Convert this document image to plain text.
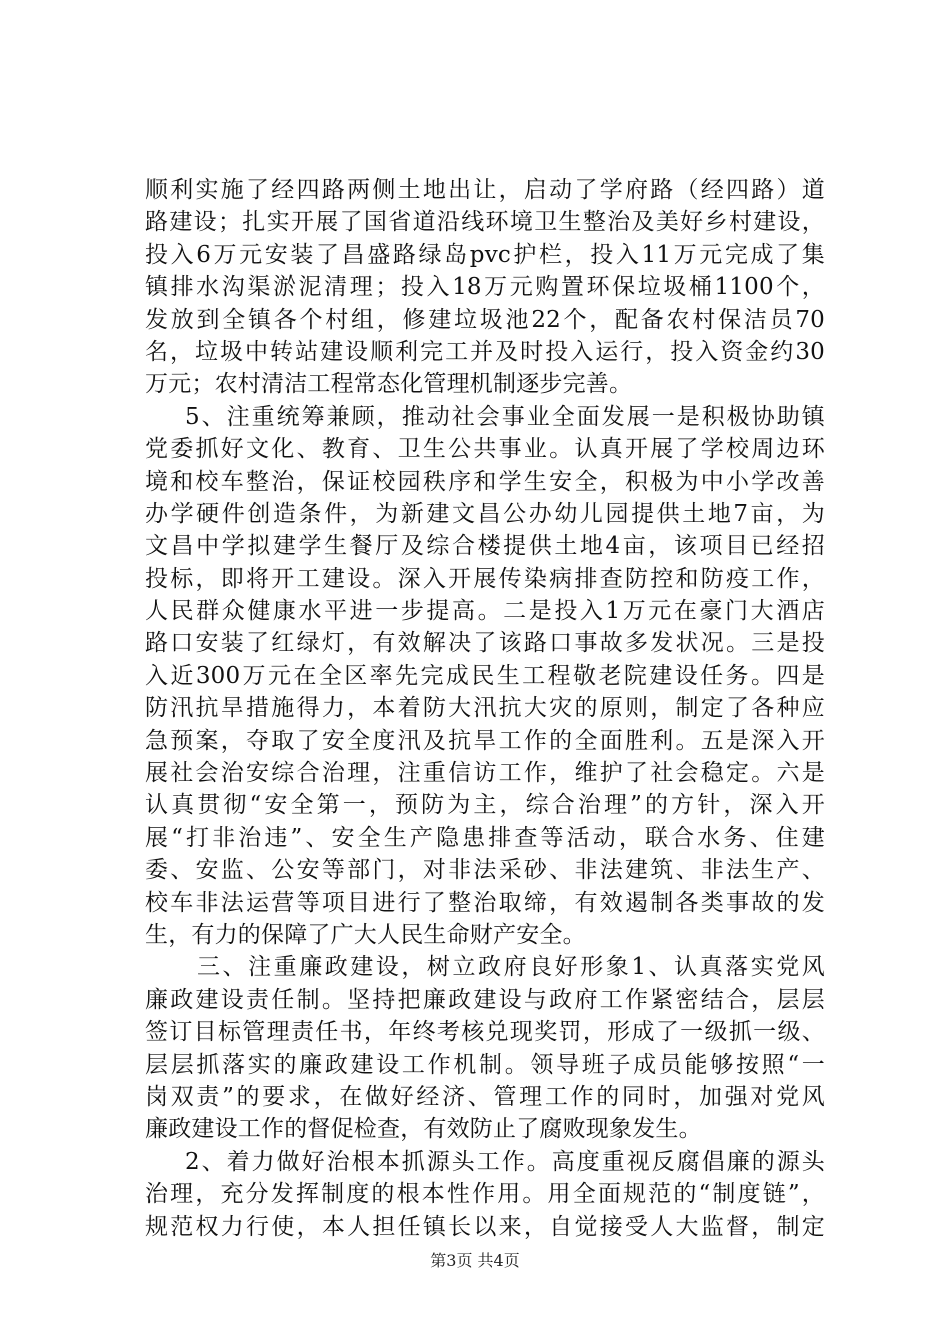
顺利实施了经四路两侧土地出让，启动了学府路（经四路）道
路建设；扎实开展了国省道沿线环境卫生整治及美好乡村建设，
投入6万元安装了昌盛路绿岛pvc护栏，投入11万元完成了集
镇排水沟渠淤泥清理；投入18万元购置环保垃圾桶1100个，
发放到全镇各个村组，修建垃圾池22个，配备农村保洁员70
名，垃圾中转站建设顺利完工并及时投入运行，投入资金约30
万元；农村清洁工程常态化管理机制逐步完善。
5、注重统筹兼顾，推动社会事业全面发展一是积极协助镇
党委抓好文化、教育、卫生公共事业。认真开展了学校周边环
境和校车整治，保证校园秩序和学生安全，积极为中小学改善
办学硬件创造条件，为新建文昌公办幼儿园提供土地7亩，为
文昌中学拟建学生餐厅及综合楼提供土地4亩，该项目已经招
投标，即将开工建设。深入开展传染病排查防控和防疫工作，
人民群众健康水平进一步提高。二是投入1万元在豪门大酒店
路口安装了红绿灯，有效解决了该路口事故多发状况。三是投
入近300万元在全区率先完成民生工程敬老院建设任务。四是
防汛抗旱措施得力，本着防大汛抗大灾的原则，制定了各种应
急预案，夺取了安全度汛及抗旱工作的全面胜利。五是深入开
展社会治安综合治理，注重信访工作，维护了社会稳定。六是
认真贯彻“安全第一，预防为主，综合治理”的方针，深入开
展“打非治违”、安全生产隐患排查等活动，联合水务、住建
委、安监、公安等部门，对非法采砂、非法建筑、非法生产、
校车非法运营等项目进行了整治取缔，有效遏制各类事故的发
生，有力的保障了广大人民生命财产安全。
三、注重廉政建设，树立政府良好形象1、认真落实党风
廉政建设责任制。坚持把廉政建设与政府工作紧密结合，层层
签订目标管理责任书，年终考核兑现奖罚，形成了一级抓一级、
层层抓落实的廉政建设工作机制。领导班子成员能够按照“一
岗双责”的要求，在做好经济、管理工作的同时，加强对党风
廉政建设工作的督促检查，有效防止了腐败现象发生。
2、着力做好治根本抓源头工作。高度重视反腐倡廉的源头
治理，充分发挥制度的根本性作用。用全面规范的“制度链”，
规范权力行使，本人担任镇长以来，自觉接受人大监督，制定
第3页 共4页
